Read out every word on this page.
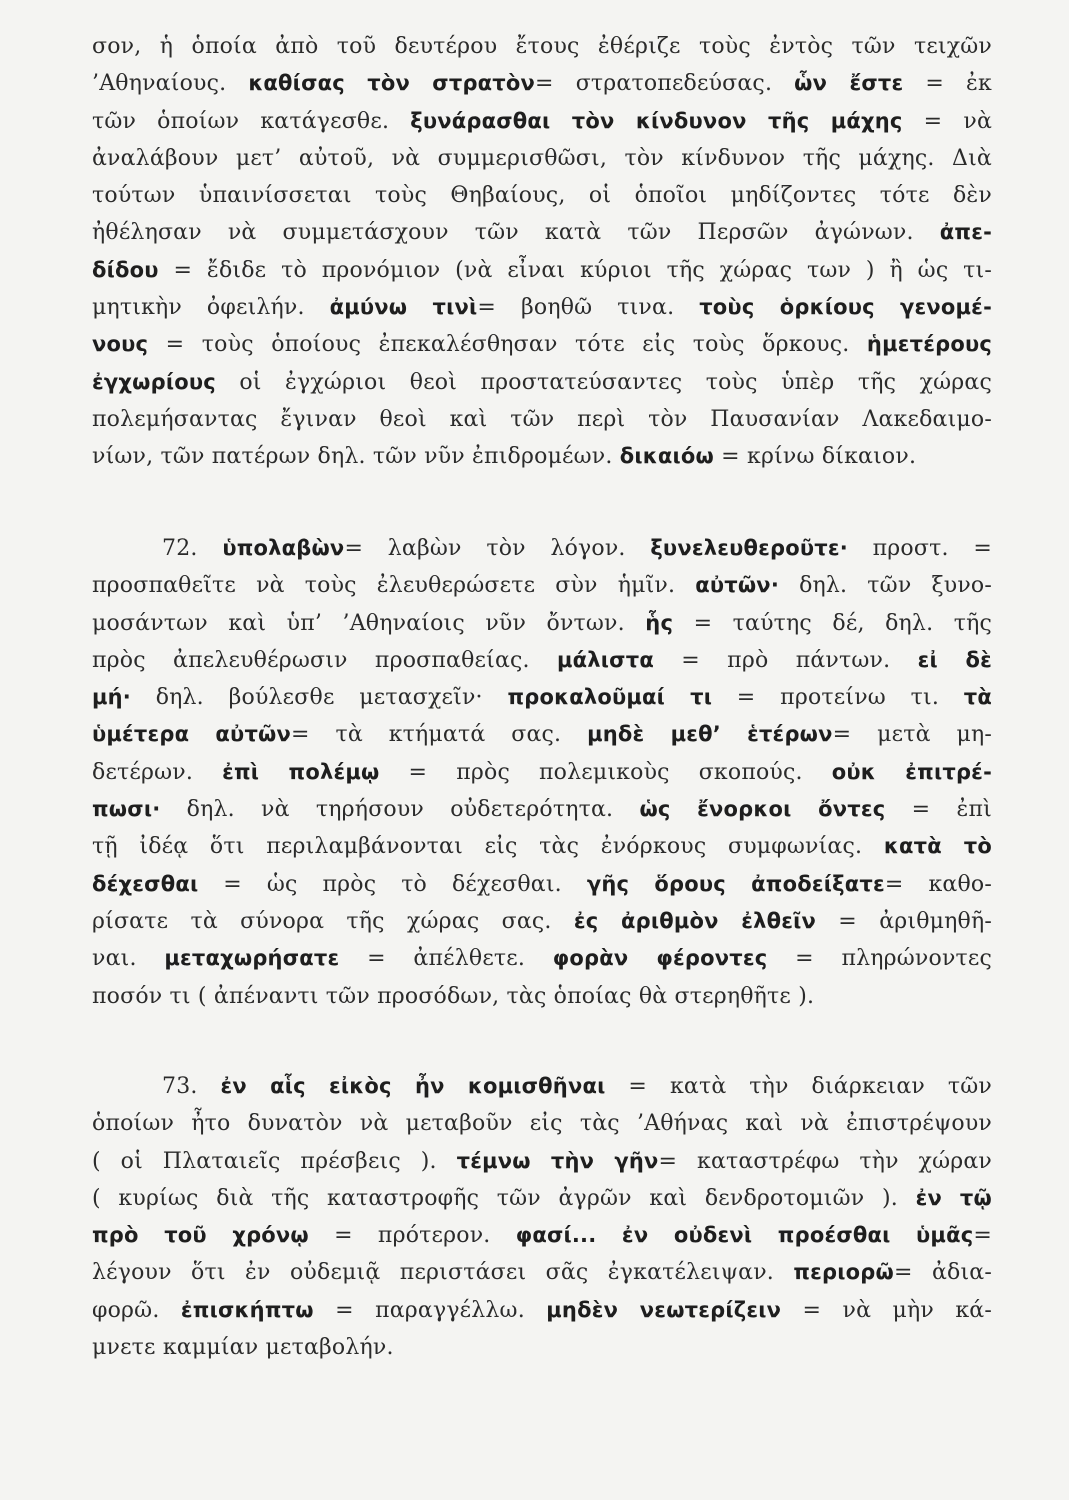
σον, ἡ ὁποία ἀπὸ τοῦ δευτέρου ἔτους ἐθέριζε τοὺς ἐντὸς τῶν τειχῶν
’Αθηναίους. καθίσας τὸν στρατὸν= στρατοπεδεύσας. ὧν ἔστε = ἐκ
τῶν ὁποίων κατάγεσθε. ξυνάρασθαι τὸν κίνδυνον τῆς μάχης = νὰ
ἀναλάβουν μετ’ αὐτοῦ, νὰ συμμερισθῶσι, τὸν κίνδυνον τῆς μάχης. Διὰ
τούτων ὑπαινίσσεται τοὺς Θηβαίους, οἱ ὁποῖοι μηδίζοντες τότε δὲν
ἠθέλησαν νὰ συμμετάσχουν τῶν κατὰ τῶν Περσῶν ἀγώνων. ἀπε-
δίδου = ἔδιδε τὸ προνόμιον (νὰ εἶναι κύριοι τῆς χώρας των ) ἢ ὡς τι-
μητικὴν ὀφειλήν. ἀμύνω τινὶ= βοηθῶ τινα. τοὺς ὁρκίους γενομέ-
νους = τοὺς ὁποίους ἐπεκαλέσθησαν τότε εἰς τοὺς ὅρκους. ἡμετέρους
ἐγχωρίους οἱ ἐγχώριοι θεοὶ προστατεύσαντες τοὺς ὑπὲρ τῆς χώρας
πολεμήσαντας ἔγιναν θεοὶ καὶ τῶν περὶ τὸν Παυσανίαν Λακεδαιμο-
νίων, τῶν πατέρων δηλ. τῶν νῦν ἐπιδρομέων. δικαιόω = κρίνω δίκαιον.
72. ὑπολαβὼν= λαβὼν τὸν λόγον. ξυνελευθεροῦτε· προστ. =
προσπαθεῖτε νὰ τοὺς ἐλευθερώσετε σὺν ἡμῖν. αὐτῶν· δηλ. τῶν ξυνο-
μοσάντων καὶ ὑπ’ ’Αθηναίοις νῦν ὄντων. ἧς = ταύτης δέ, δηλ. τῆς
πρὸς ἀπελευθέρωσιν προσπαθείας. μάλιστα = πρὸ πάντων. εἰ δὲ
μή· δηλ. βούλεσθε μετασχεῖν· προκαλοῦμαί τι = προτείνω τι. τὰ
ὑμέτερα αὐτῶν= τὰ κτήματά σας. μηδὲ μεθ’ ἑτέρων= μετὰ μη-
δετέρων. ἐπὶ πολέμῳ = πρὸς πολεμικοὺς σκοπούς. οὐκ ἐπιτρέ-
πωσι· δηλ. νὰ τηρήσουν οὐδετερότητα. ὡς ἔνορκοι ὄντες = ἐπὶ
τῇ ἰδέᾳ ὅτι περιλαμβάνονται εἰς τὰς ἐνόρκους συμφωνίας. κατὰ τὸ
δέχεσθαι = ὡς πρὸς τὸ δέχεσθαι. γῆς ὅρους ἀποδείξατε= καθο-
ρίσατε τὰ σύνορα τῆς χώρας σας. ἐς ἀριθμὸν ἐλθεῖν = ἀριθμηθῆ-
ναι. μεταχωρήσατε = ἀπέλθετε. φορὰν φέροντες = πληρώνοντες
ποσόν τι ( ἀπέναντι τῶν προσόδων, τὰς ὁποίας θὰ στερηθῆτε ).
73. ἐν αἷς εἰκὸς ἦν κομισθῆναι = κατὰ τὴν διάρκειαν τῶν
ὁποίων ἦτο δυνατὸν νὰ μεταβοῦν εἰς τὰς ’Αθήνας καὶ νὰ ἐπιστρέψουν
( οἱ Πλαταιεῖς πρέσβεις ). τέμνω τὴν γῆν= καταστρέφω τὴν χώραν
( κυρίως διὰ τῆς καταστροφῆς τῶν ἀγρῶν καὶ δενδροτομιῶν ). ἐν τῷ
πρὸ τοῦ χρόνῳ = πρότερον. φασί... ἐν οὐδενὶ προέσθαι ὑμᾶς=
λέγουν ὅτι ἐν οὐδεμιᾷ περιστάσει σᾶς ἐγκατέλειψαν. περιορῶ= ἀδια-
φορῶ. ἐπισκήπτω = παραγγέλλω. μηδὲν νεωτερίζειν = νὰ μὴν κά-
μνετε καμμίαν μεταβολήν.
